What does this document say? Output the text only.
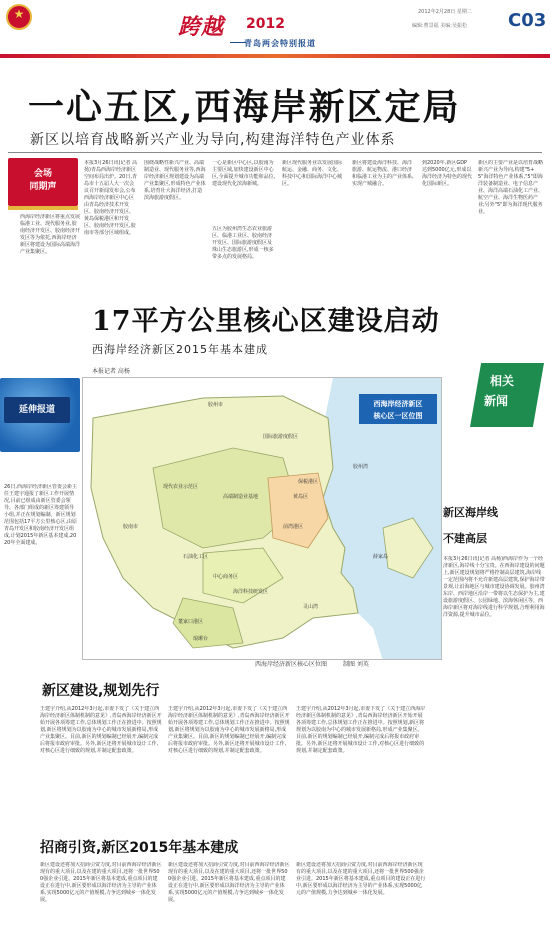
★	跨越 2012
青岛两会特别报道
2012年2月28日 星期二
编辑:曹景福 美编:吴振松 C03
一心五区,西海岸新区定局
新区以培育战略新兴产业为导向,构建海洋特色产业体系
会场
同期声
本报3月26日讯(记者 高扬)青岛西海岸经济新区空间布局出炉。20日,青岛市十五届人大一次会议召开新闻发布会,公布西海岸经济新区中心区由青岛经济技术开发区、胶南经济开发区、黄岛保税港区和开发区、胶南经济开发区,胶南市等部分区域组成。
西海岸经济新区将重点发展临港工业、现代服务业,胶南经济开发区、胶南经济开发区等为依托,西海岸经济新区将建设为国际高端海洋产业集聚区。
围绕战略性新兴产业、高端制造业、现代服务业等,西海岸经济新区规划建设为高端产业集聚区,形成特色产业体系,培育壮大海洋经济,打造滨海旅游度假区。
一心是新区中心区,以胶南为主要区域,加快建设新区中心区,全面提升城市功能和品位,建设现代化滨海新城。
五区为胶州湾生态农业旅游区、临港工业区、胶南经济开发区、国际旅游度假区及珠山生态旅游区,形成一核多带多点的发展格局。
新区现代服务业以发展国际航运、金融、商务、文化、科技中心和国际海洋中心城区。
新区将建设海洋科技、海洋旅游、航运物流、港口经济和临港工业为主的产业体系,实现产城融合。
到2020年,新区GDP达到5000亿元,形成以海洋经济为特色的现代化国际新区。
新区的主要产业是以培育战略新兴产业为导向,构建"5+5"海洋特色产业体系,"5"即海洋装备制造业、电子信息产业、海洋高端石油化工产业、航空产业、海洋生物医药产业;另外"5"即为海洋现代服务业。
17平方公里核心区建设启动
西海岸经济新区2015年基本建成
本报记者 高杨
延伸报道
26日,西海岸经济新区管委会新主任王建宇通报了新区工作开展情况,目前已组成由新区管委会领导、各部门组成的新区筹建领导小组,并正在规划编制。新区规划范围包括17平方公里核心区,由原青岛开发区和胶南经济开发区组成,计划2015年新区基本建成,2020年全面建成。
西海岸经济新区
核心区一区位图
胶州市
胶南市
黄岛区
胶州湾
薛家岛
灵山湾
琅琊台
前湾港区
中心商务区
国际旅游度假区
现代农业示范区
高端制造业基地
海洋科技研发区
保税港区
董家口港区
石油化工区
西海岸经济新区核心区位图	制图 刘英
相关
新闻
新区海岸线
不建高层
本报3月26日讯(记者 高杨)西海岸作为一个经济新区,海岸线十分宝贵。在西海岸建设的问题上,新区建设规划将严格控制高层建筑,海岸线一定范围内将不允许新建高层建筑,保护海岸带景观,让沿海地区与城市建设协调发展。胶州湾东岸、西岸地区沿岸一带将以生态保护为主,建设旅游度假区、公园绿地、滨海休闲区等。西海岸新区将对海岸线进行科学规划,合理利用海洋资源,提升城市品位。
新区建设,规划先行
王建宇介绍,从2012年3月起,市委下发了《关于建立西海岸经济新区体制机制的意见》,青岛西海岸经济新区开始开展各项筹建工作,总体规划工作正在推进中。按照规划,新区将规划为以胶南为中心的城市发展新格局,形成产业集聚区。目前,新区的规划编制已经展开,编制完成后将报市政府审批。另外,新区还将开展城市设计工作,对核心区进行细致的规划,并制定配套政策。
王建宇介绍,从2012年3月起,市委下发了《关于建立西海岸经济新区体制机制的意见》,青岛西海岸经济新区开始开展各项筹建工作,总体规划工作正在推进中。按照规划,新区将规划为以胶南为中心的城市发展新格局,形成产业集聚区。目前,新区的规划编制已经展开,编制完成后将报市政府审批。另外,新区还将开展城市设计工作,对核心区进行细致的规划,并制定配套政策。
王建宇介绍,从2012年3月起,市委下发了《关于建立西海岸经济新区体制机制的意见》,青岛西海岸经济新区开始开展各项筹建工作,总体规划工作正在推进中。按照规划,新区将规划为以胶南为中心的城市发展新格局,形成产业集聚区。目前,新区的规划编制已经展开,编制完成后将报市政府审批。另外,新区还将开展城市设计工作,对核心区进行细致的规划,并制定配套政策。
招商引资,新区2015年基本建成
新区建设还将加大招商引资力度,对目前西海岸经济新区现有的重大项目,以及在建的重大项目,还将一批世界500强企业引进。2015年新区将基本建成,重点项目的建设正在进行中,新区要形成以海洋经济为主导的产业体系,实现5000亿元的产值规模,力争达到城乡一体化发展。
新区建设还将加大招商引资力度,对目前西海岸经济新区现有的重大项目,以及在建的重大项目,还将一批世界500强企业引进。2015年新区将基本建成,重点项目的建设正在进行中,新区要形成以海洋经济为主导的产业体系,实现5000亿元的产值规模,力争达到城乡一体化发展。
新区建设还将加大招商引资力度,对目前西海岸经济新区现有的重大项目,以及在建的重大项目,还将一批世界500强企业引进。2015年新区将基本建成,重点项目的建设正在进行中,新区要形成以海洋经济为主导的产业体系,实现5000亿元的产值规模,力争达到城乡一体化发展。
